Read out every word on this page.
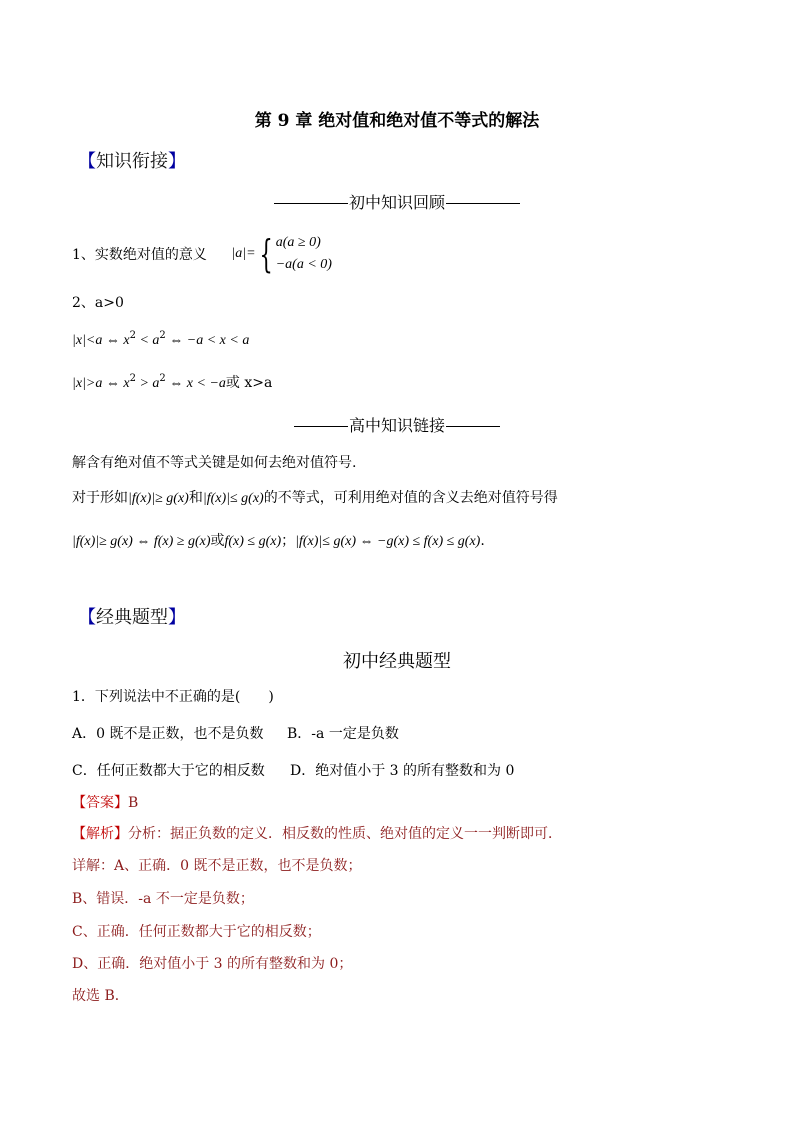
第 9 章 绝对值和绝对值不等式的解法
【知识衔接】
初中知识回顾
1、实数绝对值的意义 |a|= { a(a ≥ 0)
−a(a < 0)
2、a>0
|x|<a ⇔ $x^2 < a^2$ ⇔ −a < x < a
|x|>a ⇔ $x^2 > a^2$ ⇔ x < −a或 x>a
高中知识链接
解含有绝对值不等式关键是如何去绝对值符号.
对于形如|f(x)|≥ g(x)和|f(x)|≤ g(x)的不等式，可利用绝对值的含义去绝对值符号得
|f(x)|≥ g(x) ⇔ f(x) ≥ g(x)或f(x) ≤ g(x)；|f(x)|≤ g(x) ⇔ −g(x) ≤ f(x) ≤ g(x).
【经典题型】
初中经典题型
1．下列说法中不正确的是(　　)
A．0 既不是正数，也不是负数 B．-a 一定是负数
C．任何正数都大于它的相反数 D．绝对值小于 3 的所有整数和为 0
【答案】B
【解析】分析：据正负数的定义．相反数的性质、绝对值的定义一一判断即可．
详解：A、正确．0 既不是正数，也不是负数；
B、错误．-a 不一定是负数；
C、正确．任何正数都大于它的相反数；
D、正确．绝对值小于 3 的所有整数和为 0；
故选 B．
